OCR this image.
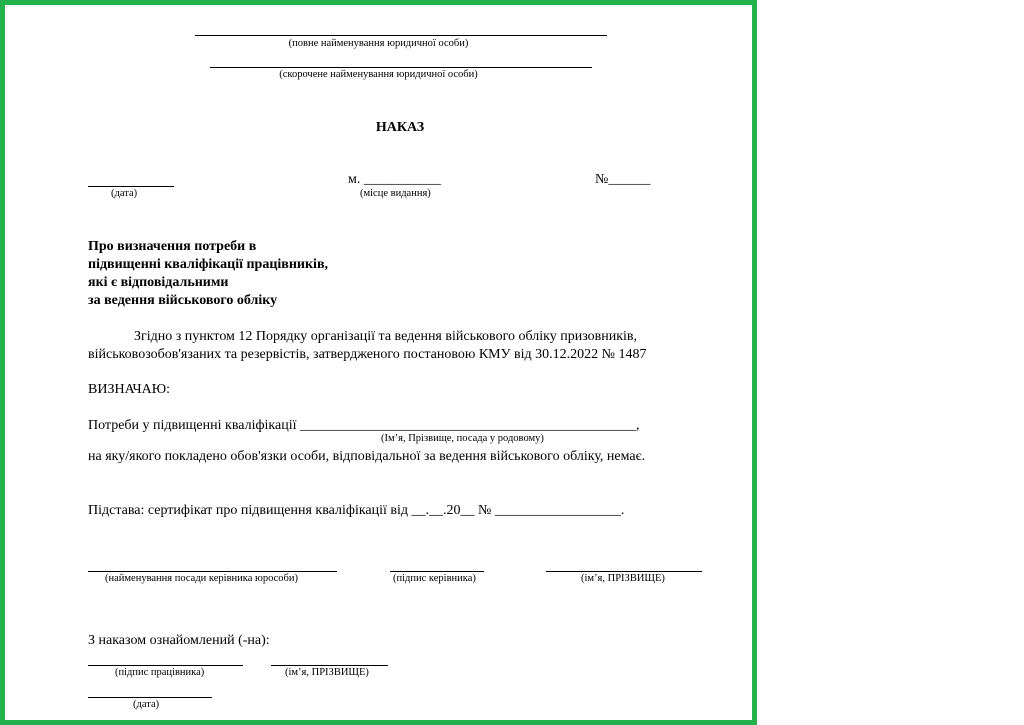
(повне найменування юридичної особи)
(скорочене найменування юридичної особи)
НАКАЗ
(дата)
м. ___________
(місце видання)
№______
Про визначення потреби в
підвищенні кваліфікації працівників,
які є відповідальними
за ведення військового обліку
Згідно з пунктом 12 Порядку організації та ведення військового обліку призовників,
військовозобов'язаних та резервістів, затвердженого постановою КМУ від 30.12.2022 № 1487
ВИЗНАЧАЮ:
Потреби у підвищенні кваліфікації ________________________________________________,
(Ім’я, Прізвище, посада у родовому)
на яку/якого покладено обов'язки особи, відповідальної за ведення військового обліку, немає.
Підстава: сертифікат про підвищення кваліфікації від __.__.20__ № __________________.
(найменування посади керівника юрособи)	(підпис керівника)	(ім’я, ПРІЗВИЩЕ)
З наказом ознайомлений (-на):
(підпис працівника)	(ім’я, ПРІЗВИЩЕ)
(дата)
